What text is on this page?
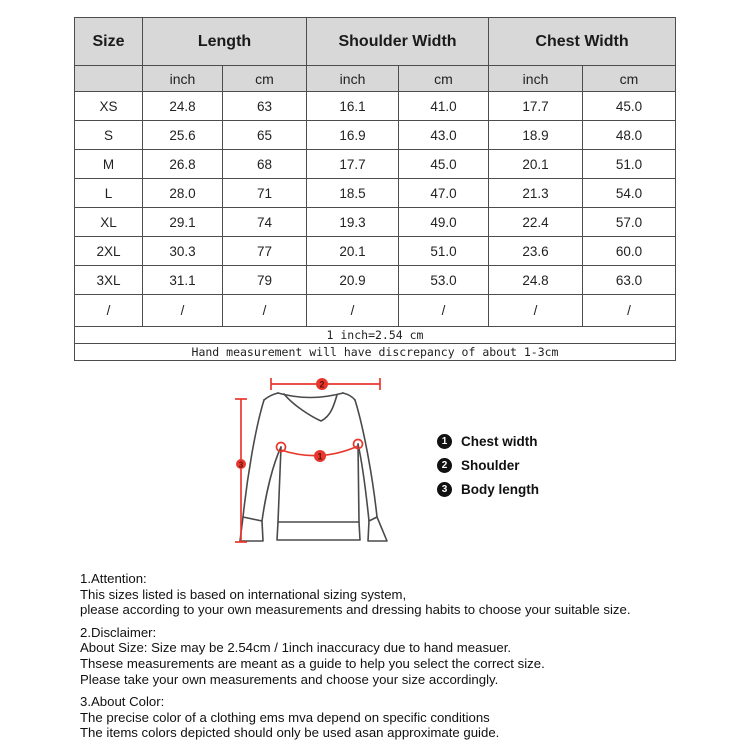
Size	Length		Shoulder Width		Chest Width	
	inch	cm	inch	cm	inch	cm
XS	24.8	63	16.1	41.0	17.7	45.0
S	25.6	65	16.9	43.0	18.9	48.0
M	26.8	68	17.7	45.0	20.1	51.0
L	28.0	71	18.5	47.0	21.3	54.0
XL	29.1	74	19.3	49.0	22.4	57.0
2XL	30.3	77	20.1	51.0	23.6	60.0
3XL	31.1	79	20.9	53.0	24.8	63.0
/	/	/	/	/	/	/
1 inch=2.54 cm						
Hand measurement will have discrepancy of about 1-3cm						
3
2
1
1	Chest width
2	Shoulder
3	Body length
1.Attention:
This sizes listed is based on international sizing system,
please according to your own measurements and dressing habits to choose your suitable size.
2.Disclaimer:
About Size: Size may be 2.54cm / 1inch inaccuracy due to hand measuer.
Thsese measurements are meant as a guide to help you select the correct size.
Please take your own measurements and choose your size accordingly.
3.About Color:
The precise color of a clothing ems mva depend on specific conditions
The items colors depicted should only be used asan approximate guide.
